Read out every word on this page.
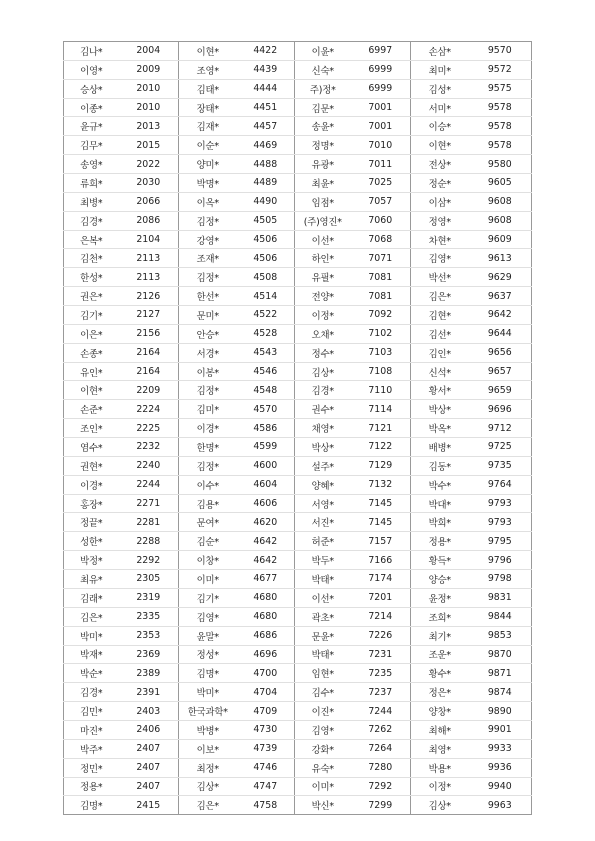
김나*	2004	이현*	4422	이윤*	6997	손삼*	9570
이영*	2009	조영*	4439	신숙*	6999	최미*	9572
승상*	2010	김태*	4444	주)정*	6999	김성*	9575
이종*	2010	장태*	4451	김문*	7001	서미*	9578
윤규*	2013	김재*	4457	송윤*	7001	이승*	9578
김무*	2015	이순*	4469	정명*	7010	이현*	9578
송영*	2022	양미*	4488	유광*	7011	전상*	9580
류희*	2030	박명*	4489	최윤*	7025	정순*	9605
최병*	2066	이옥*	4490	임점*	7057	이삼*	9608
김경*	2086	김정*	4505	(주)영진*	7060	정영*	9608
은복*	2104	강영*	4506	이선*	7068	차현*	9609
김천*	2113	조재*	4506	하인*	7071	김영*	9613
한성*	2113	김정*	4508	유필*	7081	박선*	9629
권은*	2126	한선*	4514	전양*	7081	김은*	9637
김기*	2127	문미*	4522	이정*	7092	김현*	9642
이은*	2156	안승*	4528	오채*	7102	김선*	9644
손종*	2164	서경*	4543	정수*	7103	김인*	9656
유인*	2164	이봉*	4546	김상*	7108	신석*	9657
이현*	2209	김정*	4548	김경*	7110	황서*	9659
손준*	2224	김미*	4570	권수*	7114	박상*	9696
조인*	2225	이경*	4586	채영*	7121	박옥*	9712
염수*	2232	한명*	4599	박상*	7122	배병*	9725
권현*	2240	김정*	4600	설주*	7129	김동*	9735
이경*	2244	이수*	4604	양혜*	7132	박수*	9764
홍장*	2271	김용*	4606	서영*	7145	박대*	9793
정끝*	2281	문여*	4620	서진*	7145	박희*	9793
성한*	2288	김순*	4642	허준*	7157	정용*	9795
박정*	2292	이창*	4642	박두*	7166	황득*	9796
최유*	2305	이미*	4677	박태*	7174	양승*	9798
김래*	2319	김기*	4680	이선*	7201	윤정*	9831
김은*	2335	김영*	4680	곽초*	7214	조희*	9844
박미*	2353	윤말*	4686	문윤*	7226	최기*	9853
박재*	2369	정성*	4696	박태*	7231	조운*	9870
박순*	2389	김명*	4700	임현*	7235	황수*	9871
김경*	2391	박미*	4704	김수*	7237	정은*	9874
김민*	2403	한국과학*	4709	이진*	7244	양창*	9890
마진*	2406	박병*	4730	김영*	7262	최해*	9901
박주*	2407	이보*	4739	강화*	7264	최영*	9933
정민*	2407	최정*	4746	유숙*	7280	박용*	9936
정용*	2407	김상*	4747	이미*	7292	이정*	9940
김명*	2415	김은*	4758	박신*	7299	김상*	9963
